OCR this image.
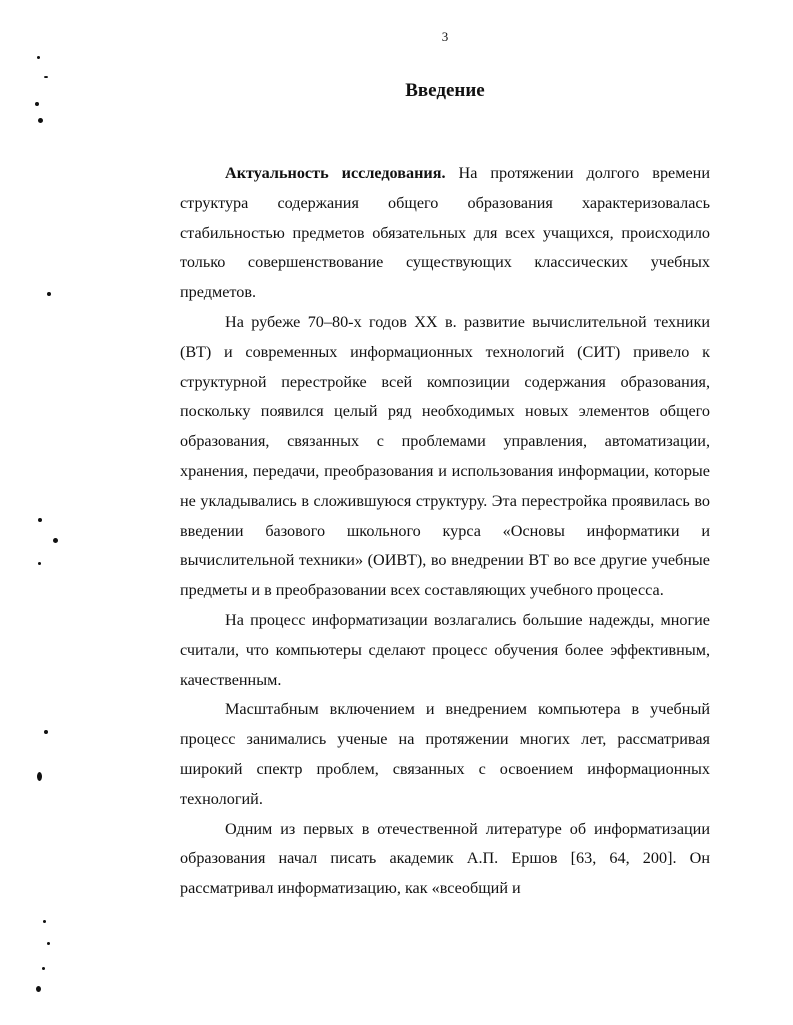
3
Введение

Актуальность исследования. На протяжении долгого времени структура содержания общего образования характеризовалась стабильностью предметов обязательных для всех учащихся, происходило только совершенствование существующих классических учебных предметов.

На рубеже 70–80-х годов XX в. развитие вычислительной техники (ВТ) и современных информационных технологий (СИТ) привело к структурной перестройке всей композиции содержания образования, поскольку появился целый ряд необходимых новых элементов общего образования, связанных с проблемами управления, автоматизации, хранения, передачи, преобразования и использования информации, которые не укладывались в сложившуюся структуру. Эта перестройка проявилась во введении базового школьного курса «Основы информатики и вычислительной техники» (ОИВТ), во внедрении ВТ во все другие учебные предметы и в преобразовании всех составляющих учебного процесса.

На процесс информатизации возлагались большие надежды, многие считали, что компьютеры сделают процесс обучения более эффективным, качественным.

Масштабным включением и внедрением компьютера в учебный процесс занимались ученые на протяжении многих лет, рассматривая широкий спектр проблем, связанных с освоением информационных технологий.

Одним из первых в отечественной литературе об информатизации образования начал писать академик А.П. Ершов [63, 64, 200]. Он рассматривал информатизацию, как «всеобщий и
